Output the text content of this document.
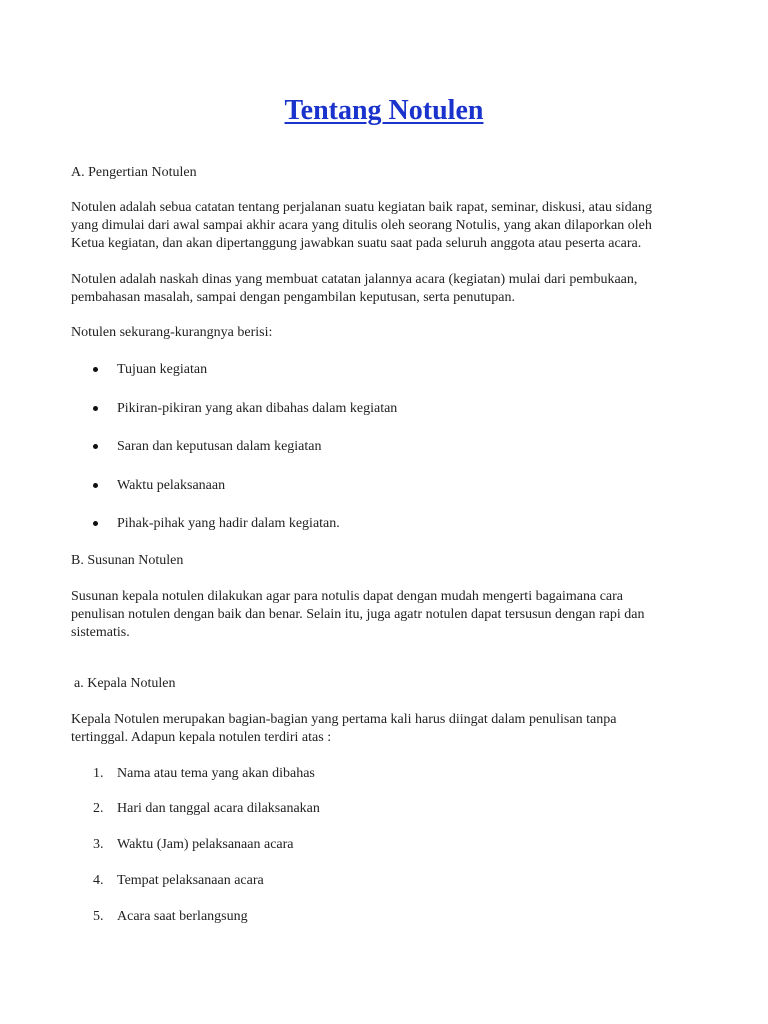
Tentang Notulen

A. Pengertian Notulen

Notulen adalah sebua catatan tentang perjalanan suatu kegiatan baik rapat, seminar, diskusi, atau sidang

yang dimulai dari awal sampai akhir acara yang ditulis oleh seorang Notulis, yang akan dilaporkan oleh

Ketua kegiatan, dan akan dipertanggung jawabkan suatu saat pada seluruh anggota atau peserta acara.

Notulen adalah naskah dinas yang membuat catatan jalannya acara (kegiatan) mulai dari pembukaan,

pembahasan masalah, sampai dengan pengambilan keputusan, serta penutupan.

Notulen sekurang-kurangnya berisi:

Tujuan kegiatan
Pikiran-pikiran yang akan dibahas dalam kegiatan
Saran dan keputusan dalam kegiatan
Waktu pelaksanaan
Pihak-pihak yang hadir dalam kegiatan.

B. Susunan Notulen

Susunan kepala notulen dilakukan agar para notulis dapat dengan mudah mengerti bagaimana cara

penulisan notulen dengan baik dan benar. Selain itu, juga agatr notulen dapat tersusun dengan rapi dan

sistematis.

a. Kepala Notulen

Kepala Notulen merupakan bagian-bagian yang pertama kali harus diingat dalam penulisan tanpa

tertinggal. Adapun kepala notulen terdiri atas :

1. Nama atau tema yang akan dibahas
2. Hari dan tanggal acara dilaksanakan
3. Waktu (Jam) pelaksanaan acara
4. Tempat pelaksanaan acara
5. Acara saat berlangsung
